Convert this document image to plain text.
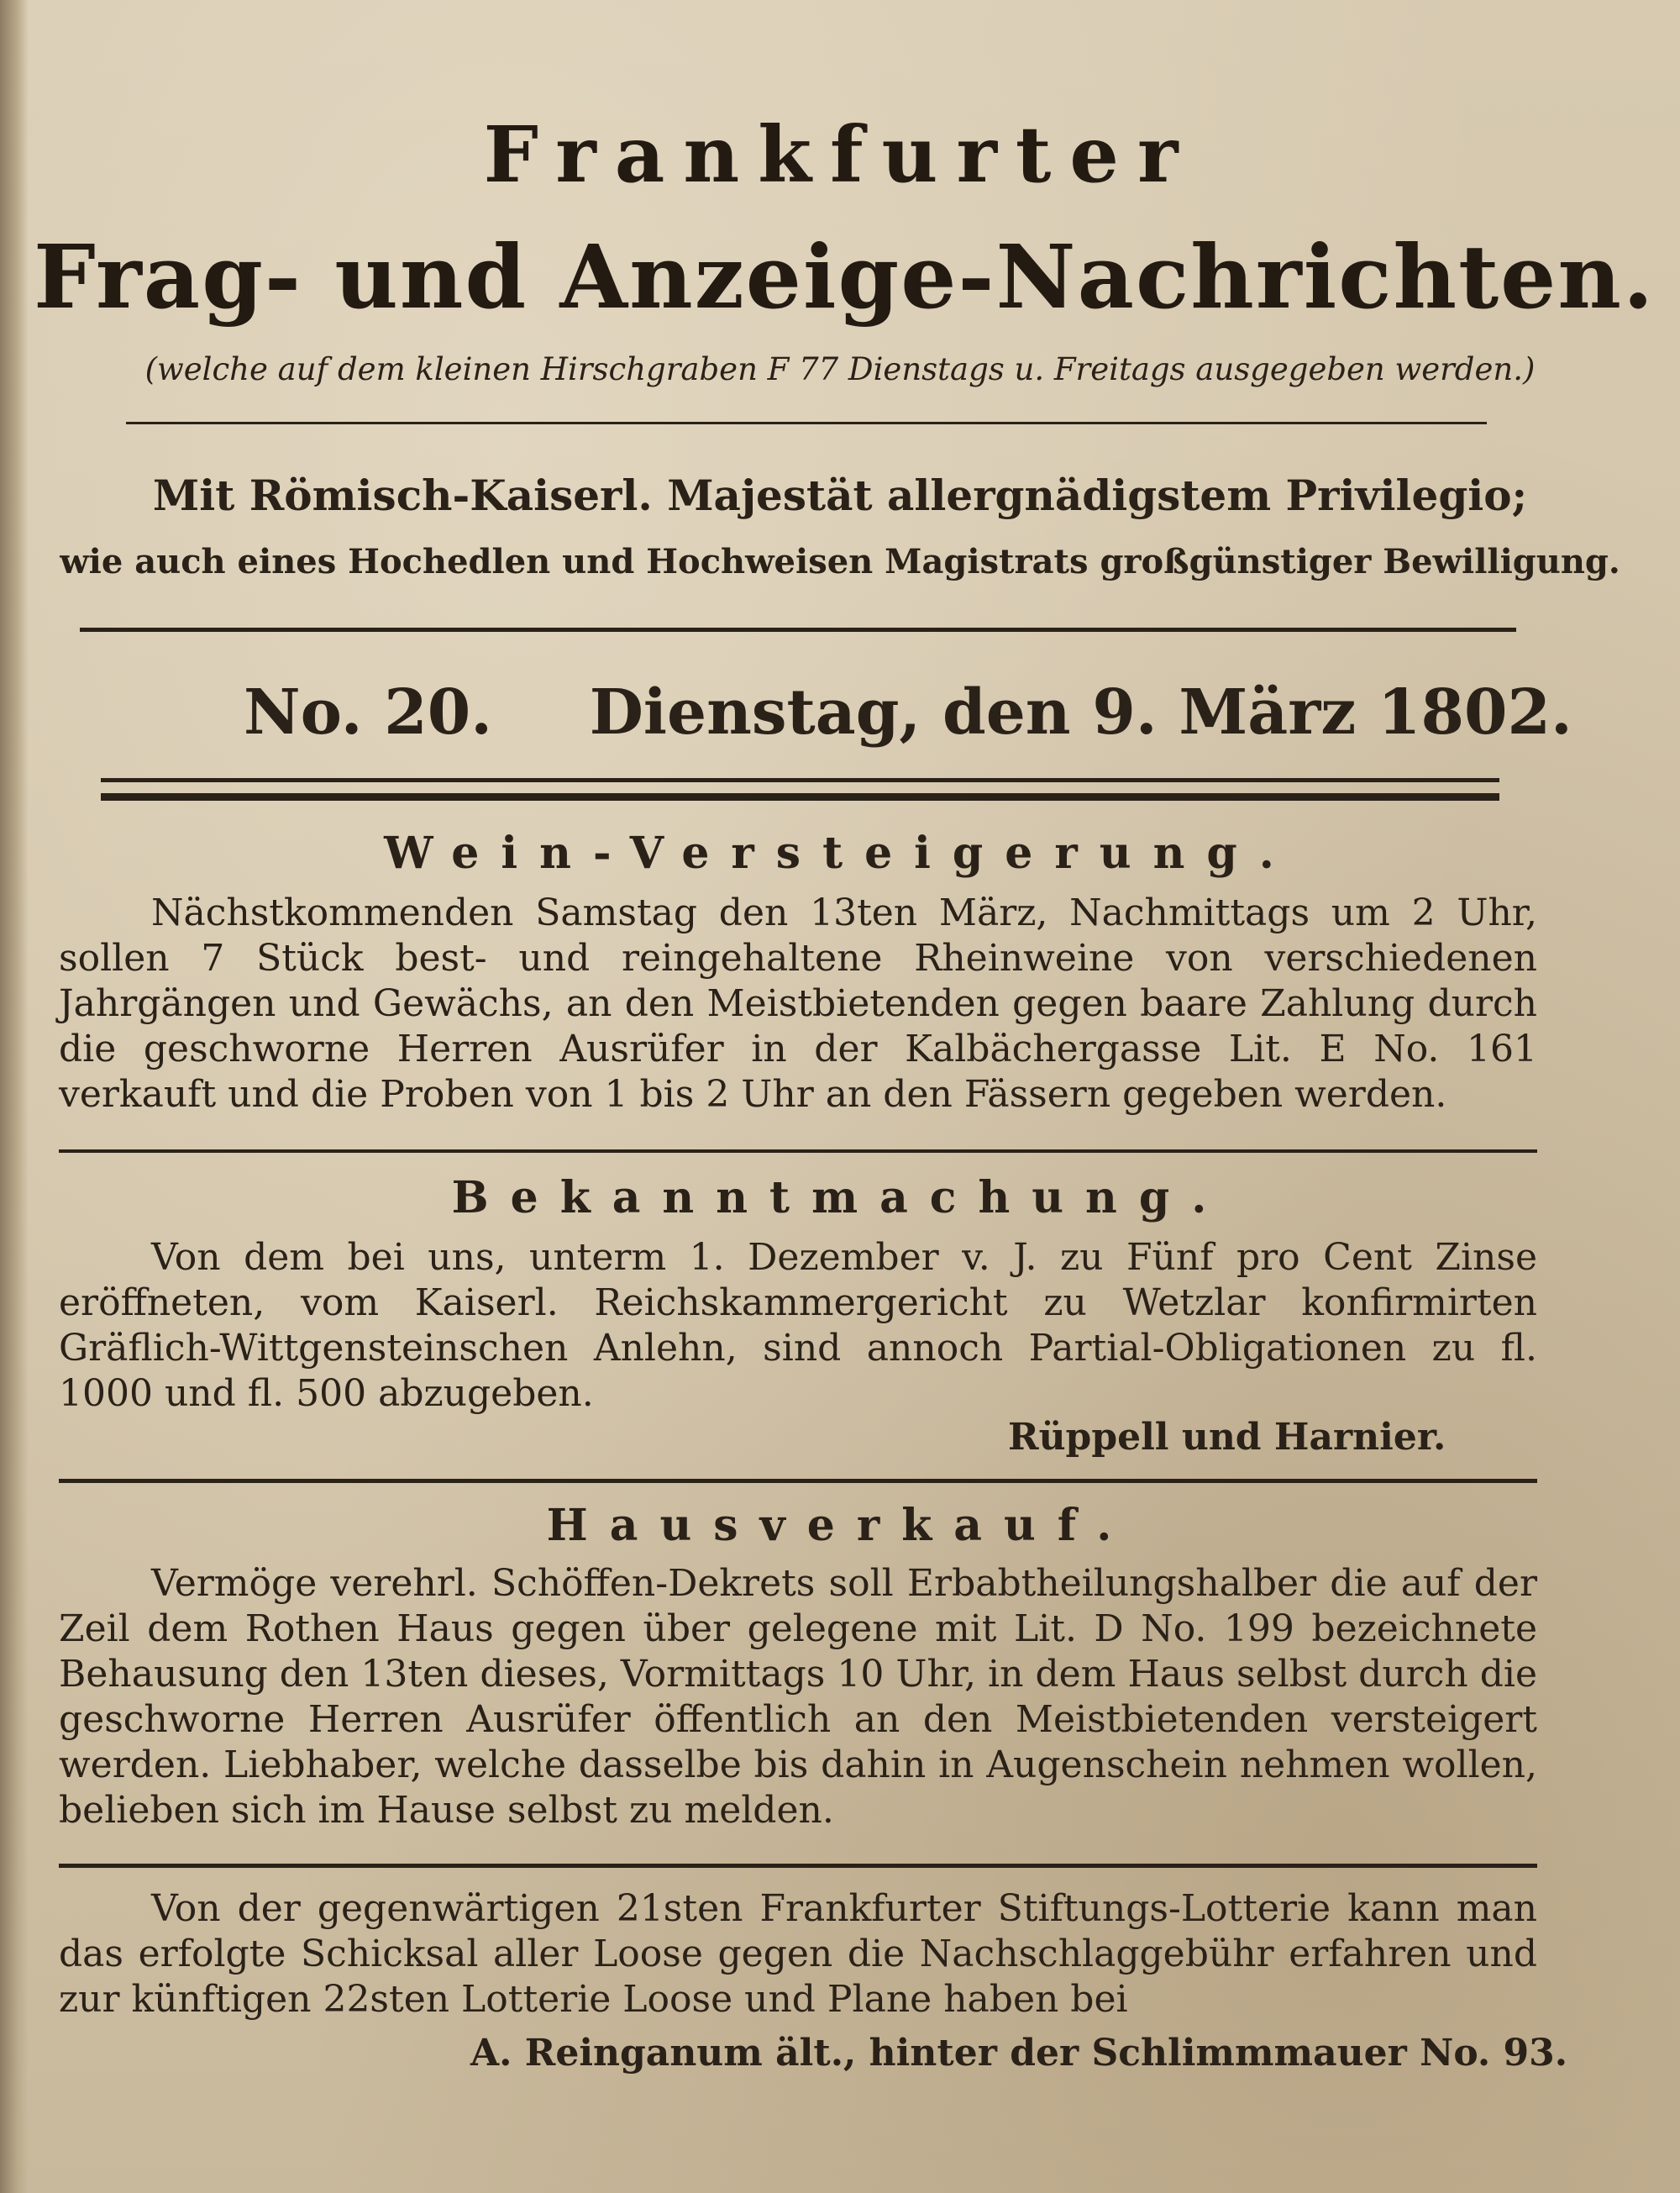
Frankfurter
Frag- und Anzeige-Nachrichten.
(welche auf dem kleinen Hirschgraben F 77 Dienstags u. Freitags ausgegeben werden.)
Mit Römisch-Kaiserl. Majestät allergnädigstem Privilegio;
wie auch eines Hochedlen und Hochweisen Magistrats großgünstiger Bewilligung.
No. 20. Dienstag, den 9. März 1802.
Wein-Versteigerung.
Nächstkommenden Samstag den 13ten März, Nachmittags um 2 Uhr, sollen 7 Stück best- und reingehaltene Rheinweine von verschiedenen Jahrgängen und Gewächs, an den Meistbietenden gegen baare Zahlung durch die geschworne Herren Ausrüfer in der Kalbächergasse Lit. E No. 161 verkauft und die Proben von 1 bis 2 Uhr an den Fässern gegeben werden.
Bekanntmachung.
Von dem bei uns, unterm 1. Dezember v. J. zu Fünf pro Cent Zinse eröffneten, vom Kaiserl. Reichskammergericht zu Wetzlar konfirmirten Gräflich-Wittgensteinschen Anlehn, sind annoch Partial-Obligationen zu fl. 1000 und fl. 500 abzugeben.
Rüppell und Harnier.
Hausverkauf.
Vermöge verehrl. Schöffen-Dekrets soll Erbabtheilungshalber die auf der Zeil dem Rothen Haus gegen über gelegene mit Lit. D No. 199 bezeichnete Behausung den 13ten dieses, Vormittags 10 Uhr, in dem Haus selbst durch die geschworne Herren Ausrüfer öffentlich an den Meistbietenden versteigert werden. Liebhaber, welche dasselbe bis dahin in Augenschein nehmen wollen, belieben sich im Hause selbst zu melden.
Von der gegenwärtigen 21sten Frankfurter Stiftungs-Lotterie kann man das erfolgte Schicksal aller Loose gegen die Nachschlaggebühr erfahren und zur künftigen 22sten Lotterie Loose und Plane haben bei
A. Reinganum ält., hinter der Schlimmmauer No. 93.
